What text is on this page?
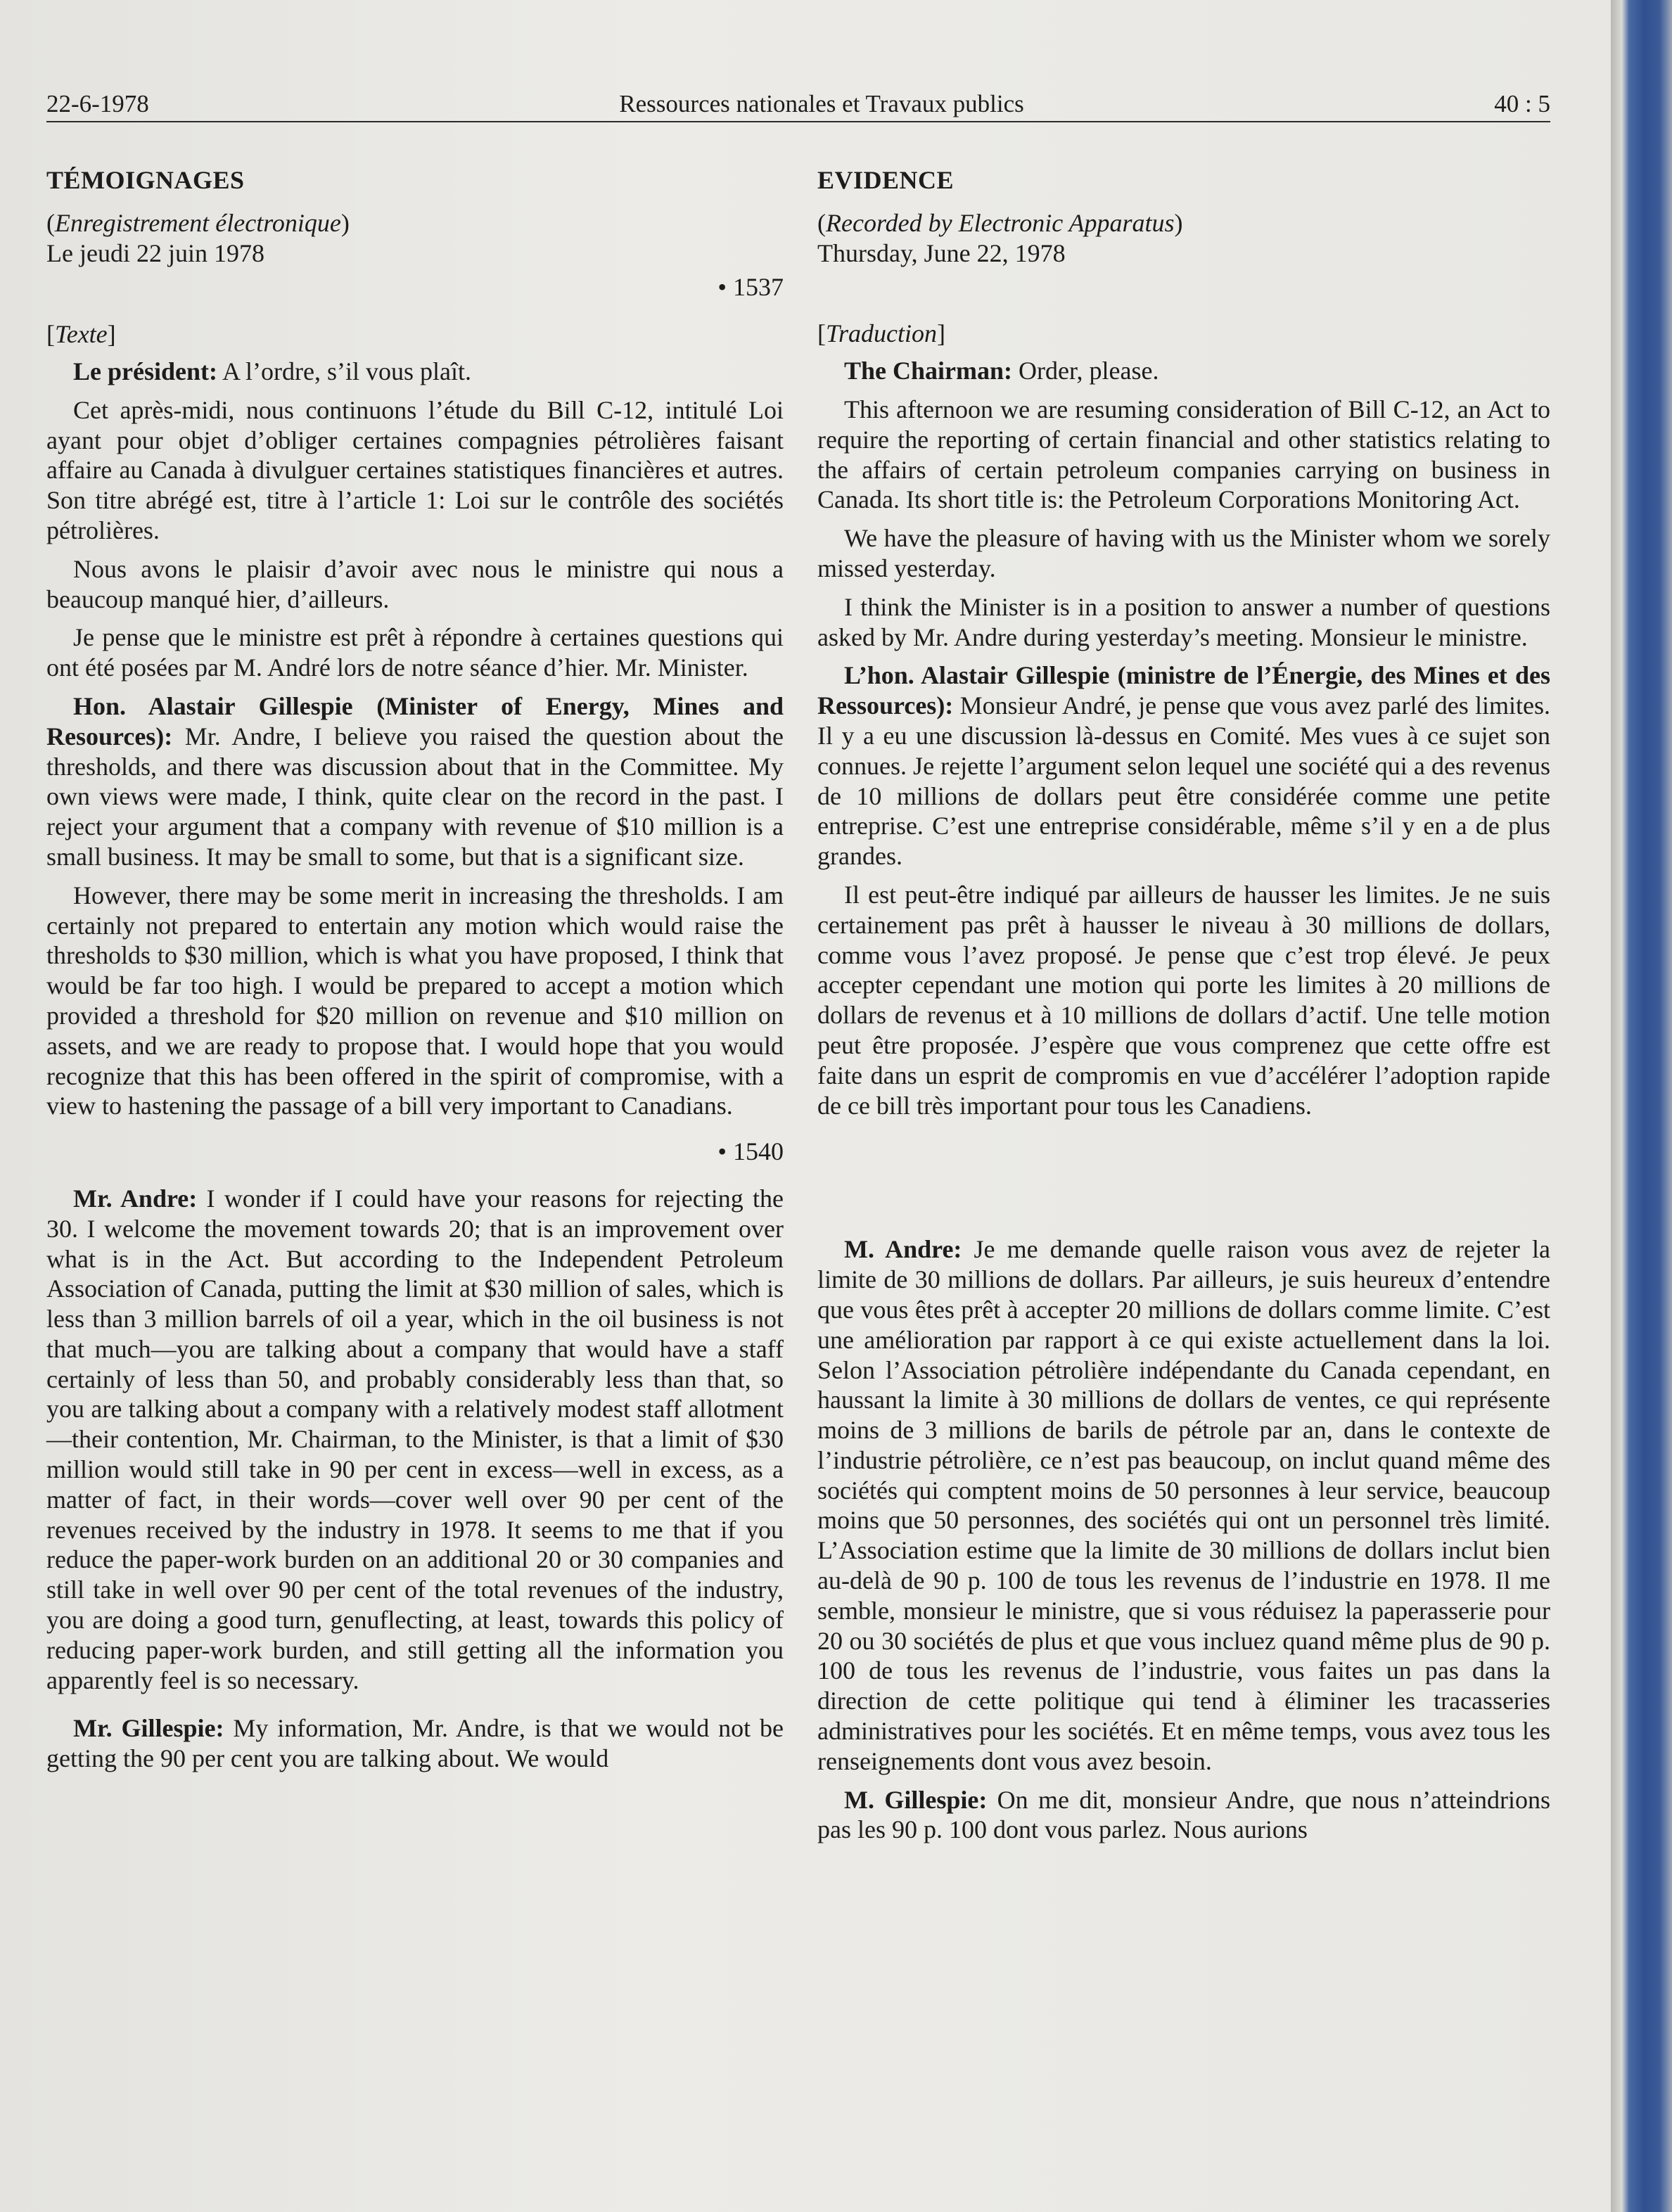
22-6-1978	Ressources nationales et Travaux publics	40 : 5
TÉMOIGNAGES
(Enregistrement électronique)
Le jeudi 22 juin 1978
• 1537
[Texte]

Le président: A l’ordre, s’il vous plaît.

Cet après-midi, nous continuons l’étude du Bill C-12, intitulé Loi ayant pour objet d’obliger certaines compagnies pétrolières faisant affaire au Canada à divulguer certaines statistiques financières et autres. Son titre abrégé est, titre à l’article 1: Loi sur le contrôle des sociétés pétrolières.

Nous avons le plaisir d’avoir avec nous le ministre qui nous a beaucoup manqué hier, d’ailleurs.

Je pense que le ministre est prêt à répondre à certaines questions qui ont été posées par M. André lors de notre séance d’hier. Mr. Minister.

Hon. Alastair Gillespie (Minister of Energy, Mines and Resources): Mr. Andre, I believe you raised the question about the thresholds, and there was discussion about that in the Committee. My own views were made, I think, quite clear on the record in the past. I reject your argument that a company with revenue of $10 million is a small business. It may be small to some, but that is a significant size.

However, there may be some merit in increasing the thresholds. I am certainly not prepared to entertain any motion which would raise the thresholds to $30 million, which is what you have proposed, I think that would be far too high. I would be prepared to accept a motion which provided a threshold for $20 million on revenue and $10 million on assets, and we are ready to propose that. I would hope that you would recognize that this has been offered in the spirit of compromise, with a view to hastening the passage of a bill very important to Canadians.

• 1540

Mr. Andre: I wonder if I could have your reasons for rejecting the 30. I welcome the movement towards 20; that is an improvement over what is in the Act. But according to the Independent Petroleum Association of Canada, putting the limit at $30 million of sales, which is less than 3 million barrels of oil a year, which in the oil business is not that much—you are talking about a company that would have a staff certainly of less than 50, and probably considerably less than that, so you are talking about a company with a relatively modest staff allotment—their contention, Mr. Chairman, to the Minister, is that a limit of $30 million would still take in 90 per cent in excess—well in excess, as a matter of fact, in their words—cover well over 90 per cent of the revenues received by the industry in 1978. It seems to me that if you reduce the paper-work burden on an additional 20 or 30 companies and still take in well over 90 per cent of the total revenues of the industry, you are doing a good turn, genuflecting, at least, towards this policy of reducing paper-work burden, and still getting all the information you apparently feel is so necessary.

Mr. Gillespie: My information, Mr. Andre, is that we would not be getting the 90 per cent you are talking about. We would

EVIDENCE
(Recorded by Electronic Apparatus)
Thursday, June 22, 1978
[Traduction]

The Chairman: Order, please.

This afternoon we are resuming consideration of Bill C-12, an Act to require the reporting of certain financial and other statistics relating to the affairs of certain petroleum companies carrying on business in Canada. Its short title is: the Petroleum Corporations Monitoring Act.

We have the pleasure of having with us the Minister whom we sorely missed yesterday.

I think the Minister is in a position to answer a number of questions asked by Mr. Andre during yesterday’s meeting. Monsieur le ministre.

L’hon. Alastair Gillespie (ministre de l’Énergie, des Mines et des Ressources): Monsieur André, je pense que vous avez parlé des limites. Il y a eu une discussion là-dessus en Comité. Mes vues à ce sujet son connues. Je rejette l’argument selon lequel une société qui a des revenus de 10 millions de dollars peut être considérée comme une petite entreprise. C’est une entreprise considérable, même s’il y en a de plus grandes.

Il est peut-être indiqué par ailleurs de hausser les limites. Je ne suis certainement pas prêt à hausser le niveau à 30 millions de dollars, comme vous l’avez proposé. Je pense que c’est trop élevé. Je peux accepter cependant une motion qui porte les limites à 20 millions de dollars de revenus et à 10 millions de dollars d’actif. Une telle motion peut être proposée. J’espère que vous comprenez que cette offre est faite dans un esprit de compromis en vue d’accélérer l’adoption rapide de ce bill très important pour tous les Canadiens.

M. Andre: Je me demande quelle raison vous avez de rejeter la limite de 30 millions de dollars. Par ailleurs, je suis heureux d’entendre que vous êtes prêt à accepter 20 millions de dollars comme limite. C’est une amélioration par rapport à ce qui existe actuellement dans la loi. Selon l’Association pétrolière indépendante du Canada cependant, en haussant la limite à 30 millions de dollars de ventes, ce qui représente moins de 3 millions de barils de pétrole par an, dans le contexte de l’industrie pétrolière, ce n’est pas beaucoup, on inclut quand même des sociétés qui comptent moins de 50 personnes à leur service, beaucoup moins que 50 personnes, des sociétés qui ont un personnel très limité. L’Association estime que la limite de 30 millions de dollars inclut bien au-delà de 90 p. 100 de tous les revenus de l’industrie en 1978. Il me semble, monsieur le ministre, que si vous réduisez la paperasserie pour 20 ou 30 sociétés de plus et que vous incluez quand même plus de 90 p. 100 de tous les revenus de l’industrie, vous faites un pas dans la direction de cette politique qui tend à éliminer les tracasseries administratives pour les sociétés. Et en même temps, vous avez tous les renseignements dont vous avez besoin.

M. Gillespie: On me dit, monsieur Andre, que nous n’atteindrions pas les 90 p. 100 dont vous parlez. Nous aurions
